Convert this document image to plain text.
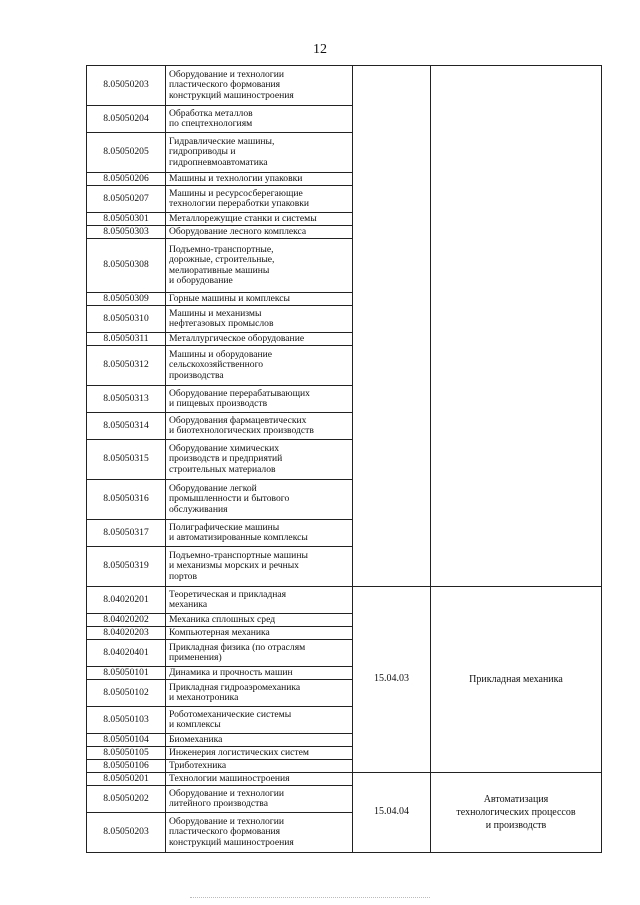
12
8.05050203	Оборудование и технологии
пластического формования
конструкций машиностроения		
8.05050204	Обработка металлов
по спецтехнологиям		
8.05050205	Гидравлические машины,
гидроприводы и
гидропневмоавтоматика		
8.05050206	Машины и технологии упаковки		
8.05050207	Машины и ресурсосберегающие
технологии переработки упаковки		
8.05050301	Металлорежущие станки и системы		
8.05050303	Оборудование лесного комплекса		
8.05050308	Подъемно-транспортные,
дорожные, строительные,
мелиоративные машины
и оборудование		
8.05050309	Горные машины и комплексы		
8.05050310	Машины и механизмы
нефтегазовых промыслов		
8.05050311	Металлургическое оборудование		
8.05050312	Машины и оборудование
сельскохозяйственного
производства		
8.05050313	Оборудование перерабатывающих
и пищевых производств		
8.05050314	Оборудования фармацевтических
и биотехнологических производств		
8.05050315	Оборудование химических
производств и предприятий
строительных материалов		
8.05050316	Оборудование легкой
промышленности и бытового
обслуживания		
8.05050317	Полиграфические машины
и автоматизированные комплексы		
8.05050319	Подъемно-транспортные машины
и механизмы морских и речных
портов		
8.04020201	Теоретическая и прикладная
механика	15.04.03	Прикладная механика
8.04020202	Механика сплошных сред		
8.04020203	Компьютерная механика		
8.04020401	Прикладная физика (по отраслям
применения)		
8.05050101	Динамика и прочность машин		
8.05050102	Прикладная гидроаэромеханика
и механотроника		
8.05050103	Робото​механические системы
и комплексы		
8.05050104	Биомеханика		
8.05050105	Инженерия логистических систем		
8.05050106	Триботехника		
8.05050201	Технологии машиностроения	15.04.04	Автоматизация
технологических процессов
и производств
8.05050202	Оборудование и технологии
литейного производства		
8.05050203	Оборудование и технологии
пластического формования
конструкций машиностроения		
